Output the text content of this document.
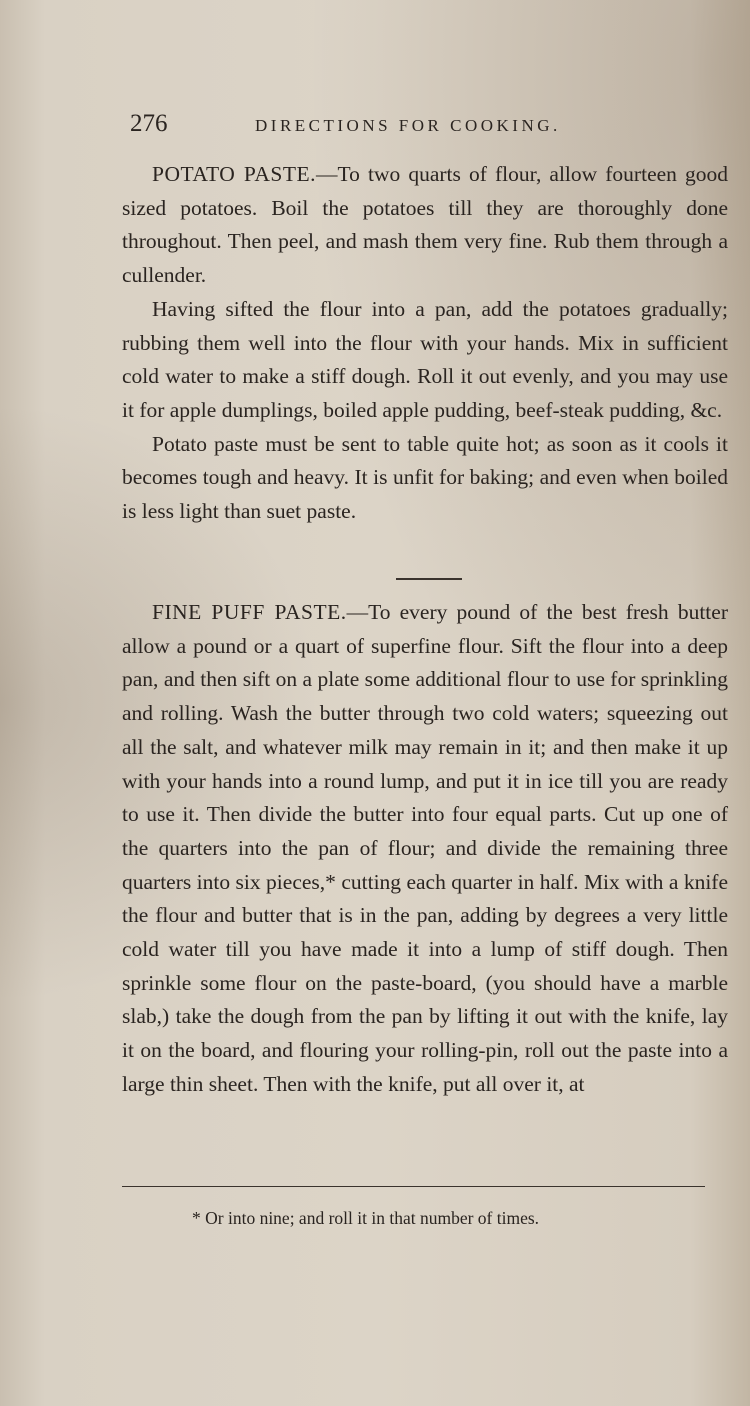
276	DIRECTIONS FOR COOKING.

POTATO PASTE.—To two quarts of flour, allow fourteen good sized potatoes. Boil the potatoes till they are thoroughly done throughout. Then peel, and mash them very fine. Rub them through a cullender.

Having sifted the flour into a pan, add the potatoes gradually; rubbing them well into the flour with your hands. Mix in sufficient cold water to make a stiff dough. Roll it out evenly, and you may use it for apple dumplings, boiled apple pudding, beef-steak pudding, &c.

Potato paste must be sent to table quite hot; as soon as it cools it becomes tough and heavy. It is unfit for baking; and even when boiled is less light than suet paste.

FINE PUFF PASTE.—To every pound of the best fresh butter allow a pound or a quart of superfine flour. Sift the flour into a deep pan, and then sift on a plate some additional flour to use for sprinkling and rolling. Wash the butter through two cold waters; squeezing out all the salt, and whatever milk may remain in it; and then make it up with your hands into a round lump, and put it in ice till you are ready to use it. Then divide the butter into four equal parts. Cut up one of the quarters into the pan of flour; and divide the remaining three quarters into six pieces,* cutting each quarter in half. Mix with a knife the flour and butter that is in the pan, adding by degrees a very little cold water till you have made it into a lump of stiff dough. Then sprinkle some flour on the paste-board, (you should have a marble slab,) take the dough from the pan by lifting it out with the knife, lay it on the board, and flouring your rolling-pin, roll out the paste into a large thin sheet. Then with the knife, put all over it, at

* Or into nine; and roll it in that number of times.
